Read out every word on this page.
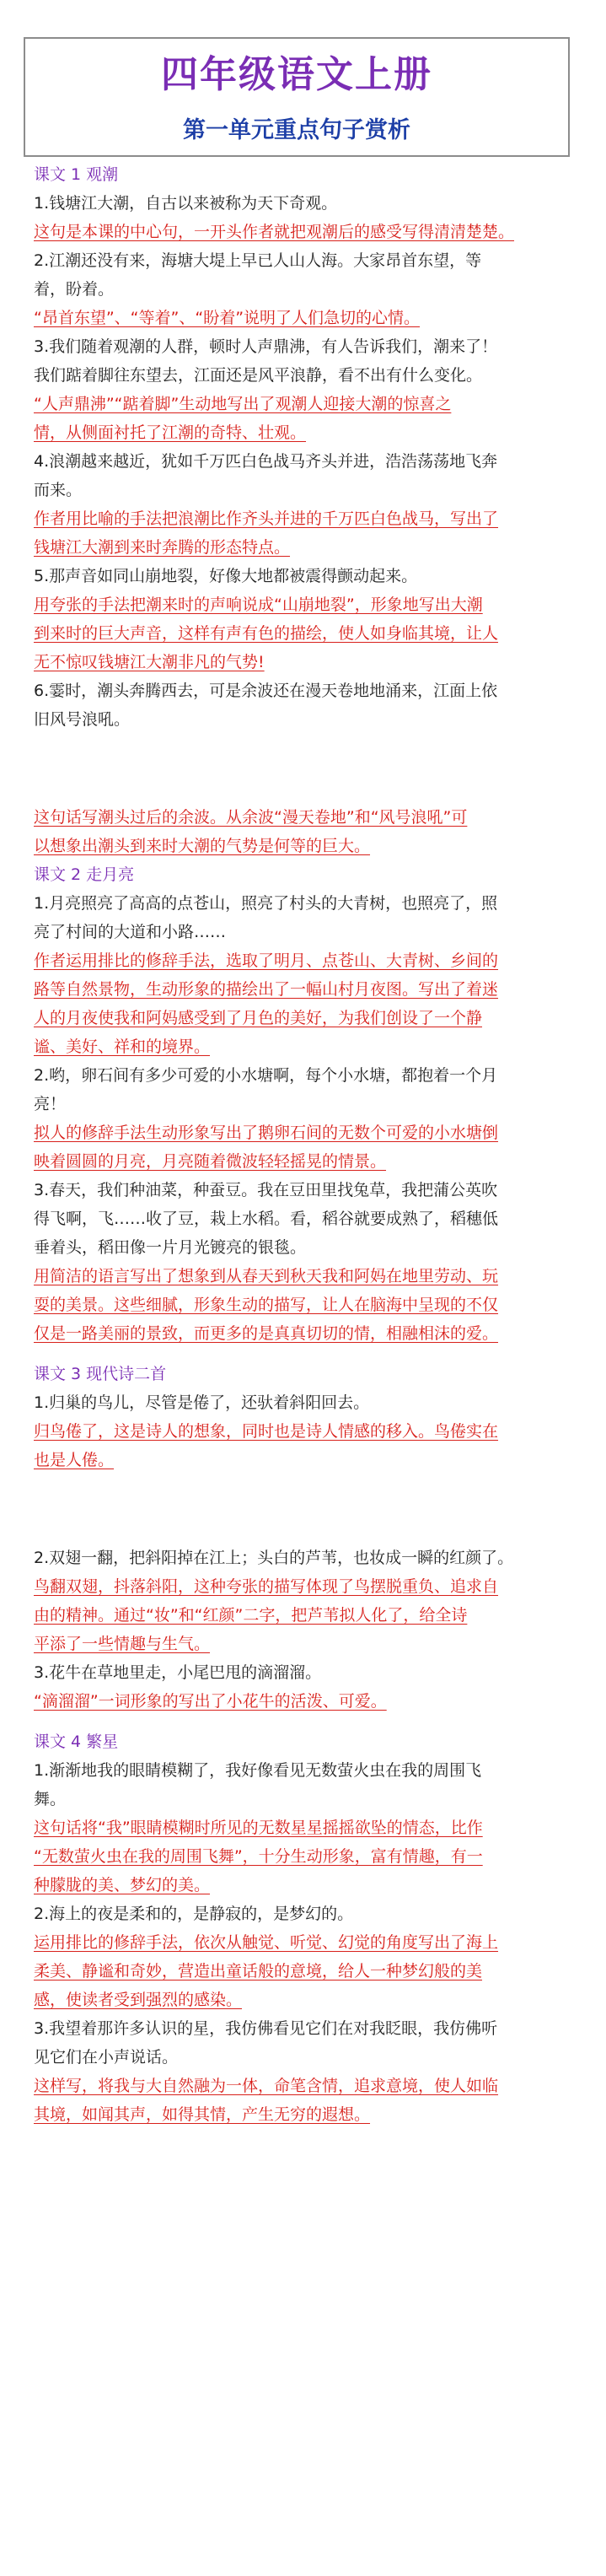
四年级语文上册
第一单元重点句子赏析

课文 1 观潮

1.钱塘江大潮，自古以来被称为天下奇观。

这句是本课的中心句，一开头作者就把观潮后的感受写得清清楚楚。

2.江潮还没有来，海塘大堤上早已人山人海。大家昂首东望，等

着，盼着。

“昂首东望”、“等着”、“盼着”说明了人们急切的心情。

3.我们随着观潮的人群，顿时人声鼎沸，有人告诉我们，潮来了！

我们踮着脚往东望去，江面还是风平浪静，看不出有什么变化。

“人声鼎沸”“踮着脚”生动地写出了观潮人迎接大潮的惊喜之

情，从侧面衬托了江潮的奇特、壮观。

4.浪潮越来越近，犹如千万匹白色战马齐头并进，浩浩荡荡地飞奔

而来。

作者用比喻的手法把浪潮比作齐头并进的千万匹白色战马，写出了

钱塘江大潮到来时奔腾的形态特点。

5.那声音如同山崩地裂，好像大地都被震得颤动起来。

用夸张的手法把潮来时的声响说成“山崩地裂”，形象地写出大潮

到来时的巨大声音，这样有声有色的描绘，使人如身临其境，让人

无不惊叹钱塘江大潮非凡的气势!

6.霎时，潮头奔腾西去，可是余波还在漫天卷地地涌来，江面上依

旧风号浪吼。

这句话写潮头过后的余波。从余波“漫天卷地”和“风号浪吼”可

以想象出潮头到来时大潮的气势是何等的巨大。

课文 2 走月亮

1.月亮照亮了高高的点苍山，照亮了村头的大青树，也照亮了，照

亮了村间的大道和小路……

作者运用排比的修辞手法，选取了明月、点苍山、大青树、乡间的

路等自然景物，生动形象的描绘出了一幅山村月夜图。写出了着迷

人的月夜使我和阿妈感受到了月色的美好，为我们创设了一个静

谧、美好、祥和的境界。

2.哟，卵石间有多少可爱的小水塘啊，每个小水塘，都抱着一个月

亮！

拟人的修辞手法生动形象写出了鹅卵石间的无数个可爱的小水塘倒

映着圆圆的月亮，月亮随着微波轻轻摇晃的情景。

3.春天，我们种油菜，种蚕豆。我在豆田里找兔草，我把蒲公英吹

得飞啊，飞……收了豆，栽上水稻。看，稻谷就要成熟了，稻穗低

垂着头，稻田像一片月光镀亮的银毯。

用简洁的语言写出了想象到从春天到秋天我和阿妈在地里劳动、玩

耍的美景。这些细腻，形象生动的描写，让人在脑海中呈现的不仅

仅是一路美丽的景致，而更多的是真真切切的情，相融相沫的爱。

课文 3 现代诗二首

1.归巢的鸟儿，尽管是倦了，还驮着斜阳回去。

归鸟倦了，这是诗人的想象，同时也是诗人情感的移入。鸟倦实在

也是人倦。

2.双翅一翻，把斜阳掉在江上；头白的芦苇，也妆成一瞬的红颜了。

鸟翻双翅，抖落斜阳，这种夸张的描写体现了鸟摆脱重负、追求自

由的精神。通过“妆”和“红颜”二字，把芦苇拟人化了，给全诗

平添了一些情趣与生气。

3.花牛在草地里走，小尾巴甩的滴溜溜。

“滴溜溜”一词形象的写出了小花牛的活泼、可爱。

课文 4 繁星

1.渐渐地我的眼睛模糊了，我好像看见无数萤火虫在我的周围飞

舞。

这句话将“我”眼睛模糊时所见的无数星星摇摇欲坠的情态，比作

“无数萤火虫在我的周围飞舞”，十分生动形象，富有情趣，有一

种朦胧的美、梦幻的美。

2.海上的夜是柔和的，是静寂的，是梦幻的。

运用排比的修辞手法，依次从触觉、听觉、幻觉的角度写出了海上

柔美、静谧和奇妙，营造出童话般的意境，给人一种梦幻般的美

感，使读者受到强烈的感染。

3.我望着那许多认识的星，我仿佛看见它们在对我眨眼，我仿佛听

见它们在小声说话。

这样写，将我与大自然融为一体，命笔含情，追求意境，使人如临

其境，如闻其声，如得其情，产生无穷的遐想。
